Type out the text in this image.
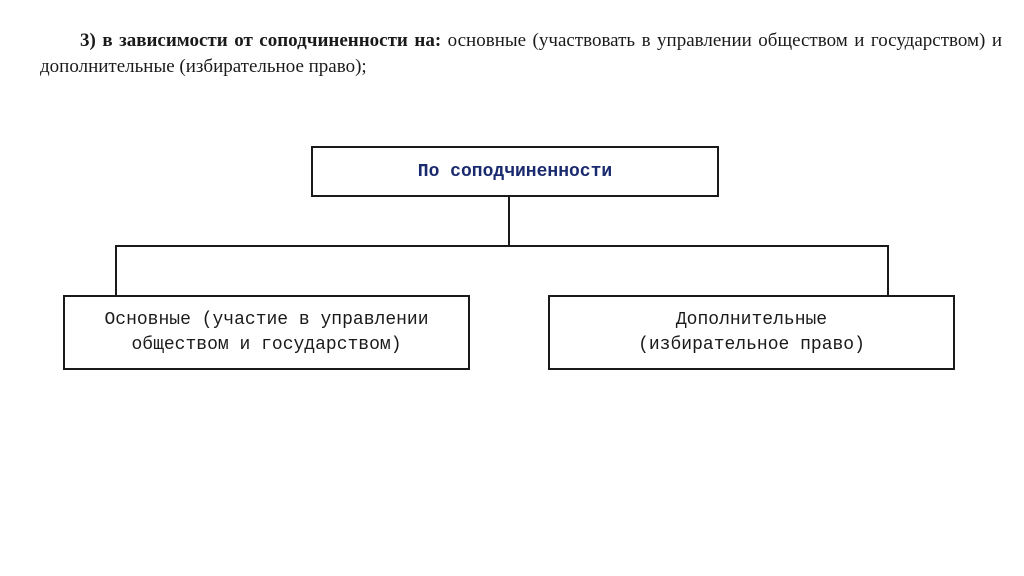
3) в зависимости от соподчиненности на: основные (участвовать в управлении обществом и государством) и дополнительные (избирательное право);

По соподчиненности
Основные (участие в управлении
обществом и государством)
Дополнительные
(избирательное право)
